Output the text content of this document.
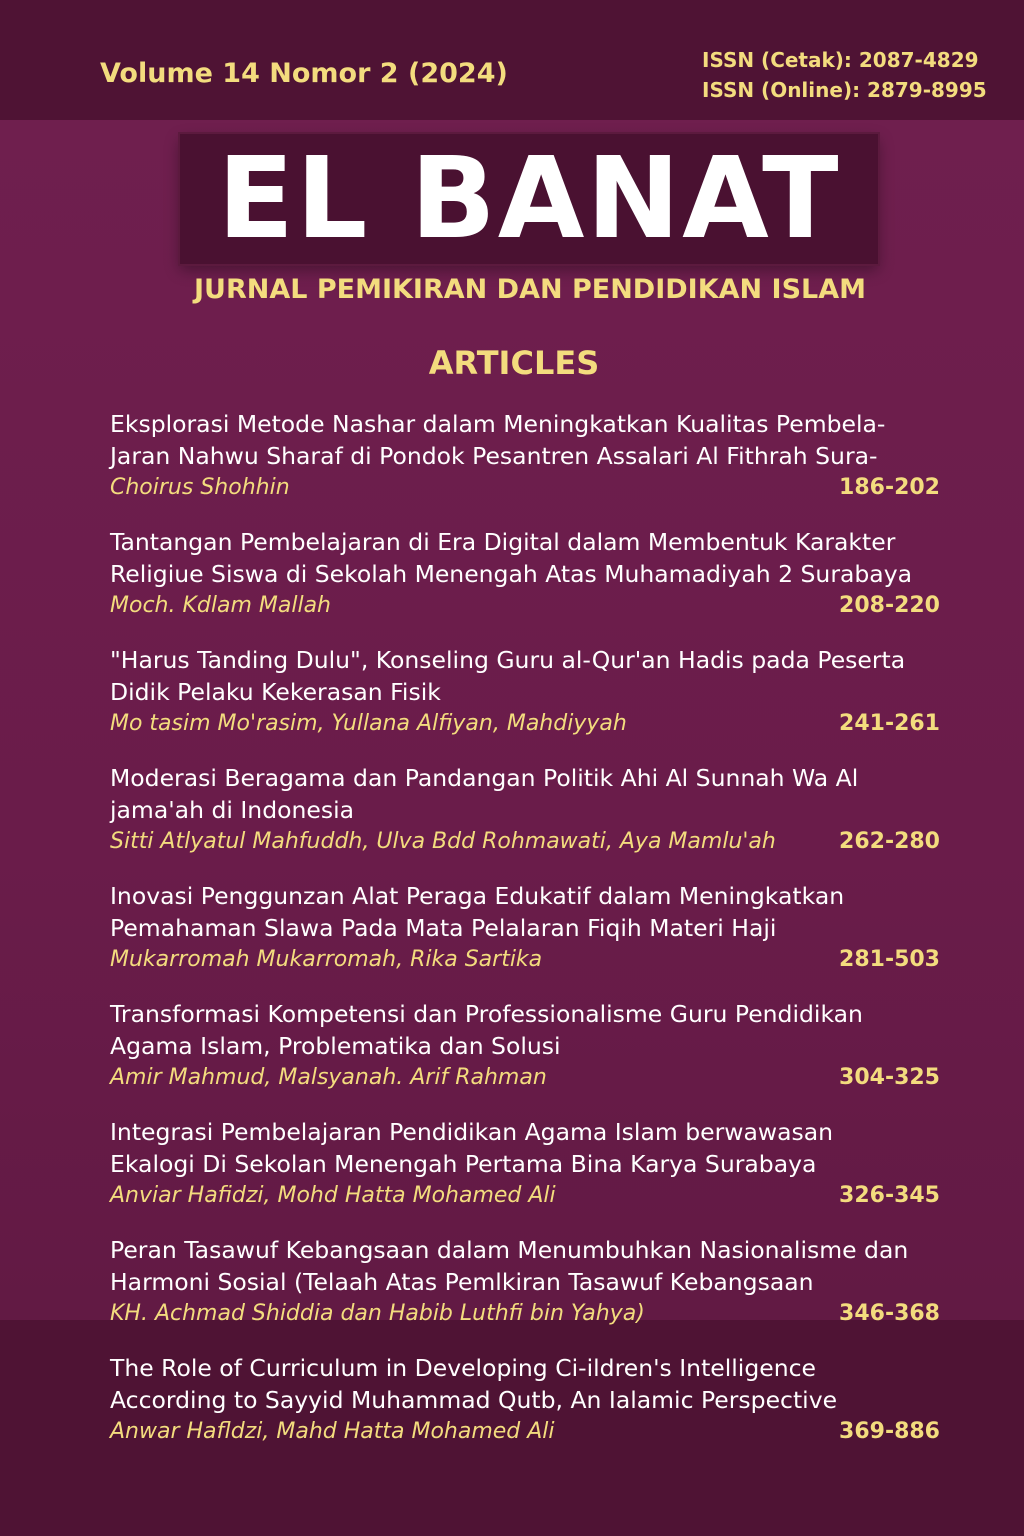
Volume 14 Nomor 2 (2024)	ISSN (Cetak): 2087-4829
ISSN (Online): 2879-8995
EL BANAT
JURNAL PEMIKIRAN DAN PENDIDIKAN ISLAM
ARTICLES
Eksplorasi Metode Nashar dalam Meningkatkan Kualitas Pembela-
Jaran Nahwu Sharaf di Pondok Pesantren Assalari Al Fithrah Sura-
Choirus Shohhin	186-202
Tantangan Pembelajaran di Era Digital dalam Membentuk Karakter
Religiue Siswa di Sekolah Menengah Atas Muhamadiyah 2 Surabaya
Moch. Kdlam Mallah	208-220
"Harus Tanding Dulu", Konseling Guru al-Qur'an Hadis pada Peserta
Didik Pelaku Kekerasan Fisik
Mo tasim Mo'rasim, Yullana Alfiyan, Mahdiyyah	241-261
Moderasi Beragama dan Pandangan Politik Ahi Al Sunnah Wa Al
jama'ah di Indonesia
Sitti Atlyatul Mahfuddh, Ulva Bdd Rohmawati, Aya Mamlu'ah	262-280
Inovasi Penggunzan Alat Peraga Edukatif dalam Meningkatkan
Pemahaman Slawa Pada Mata Pelalaran Fiqih Materi Haji
Mukarromah Mukarromah, Rika Sartika	281-503
Transformasi Kompetensi dan Professionalisme Guru Pendidikan
Agama Islam, Problematika dan Solusi
Amir Mahmud, Malsyanah. Arif Rahman	304-325
Integrasi Pembelajaran Pendidikan Agama Islam berwawasan
Ekalogi Di Sekolan Menengah Pertama Bina Karya Surabaya
Anviar Hafidzi, Mohd Hatta Mohamed Ali	326-345
Peran Tasawuf Kebangsaan dalam Menumbuhkan Nasionalisme dan
Harmoni Sosial (Telaah Atas Pemlkiran Tasawuf Kebangsaan
KH. Achmad Shiddia dan Habib Luthfi bin Yahya)	346-368
The Role of Curriculum in Developing Ci-ildren's Intelligence
According to Sayyid Muhammad Qutb, An Ialamic Perspective
Anwar Hafldzi, Mahd Hatta Mohamed Ali	369-886
